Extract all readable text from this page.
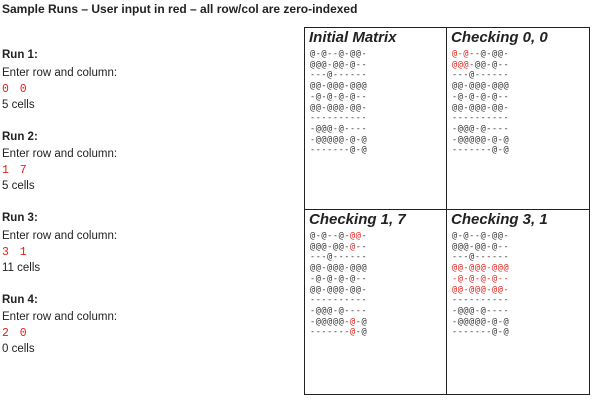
Sample Runs – User input in red – all row/col are zero-indexed
Run 1:
Enter row and column:
0 0
5 cells
Run 2:
Enter row and column:
1 7
5 cells
Run 3:
Enter row and column:
3 1
11 cells
Run 4:
Enter row and column:
2 0
0 cells
Initial Matrix
@-@--@-@@-
@@@-@@-@--
---@------
@@-@@@-@@@
-@-@-@-@--
@@-@@@-@@-
----------
-@@@-@----
-@@@@@-@-@
-------@-@
Checking 0, 0
@-@--@-@@-
@@@-@@-@--
---@------
@@-@@@-@@@
-@-@-@-@--
@@-@@@-@@-
----------
-@@@-@----
-@@@@@-@-@
-------@-@
Checking 1, 7
@-@--@-@@-
@@@-@@-@--
---@------
@@-@@@-@@@
-@-@-@-@--
@@-@@@-@@-
----------
-@@@-@----
-@@@@@-@-@
-------@-@
Checking 3, 1
@-@--@-@@-
@@@-@@-@--
---@------
@@-@@@-@@@
-@-@-@-@--
@@-@@@-@@-
----------
-@@@-@----
-@@@@@-@-@
-------@-@
